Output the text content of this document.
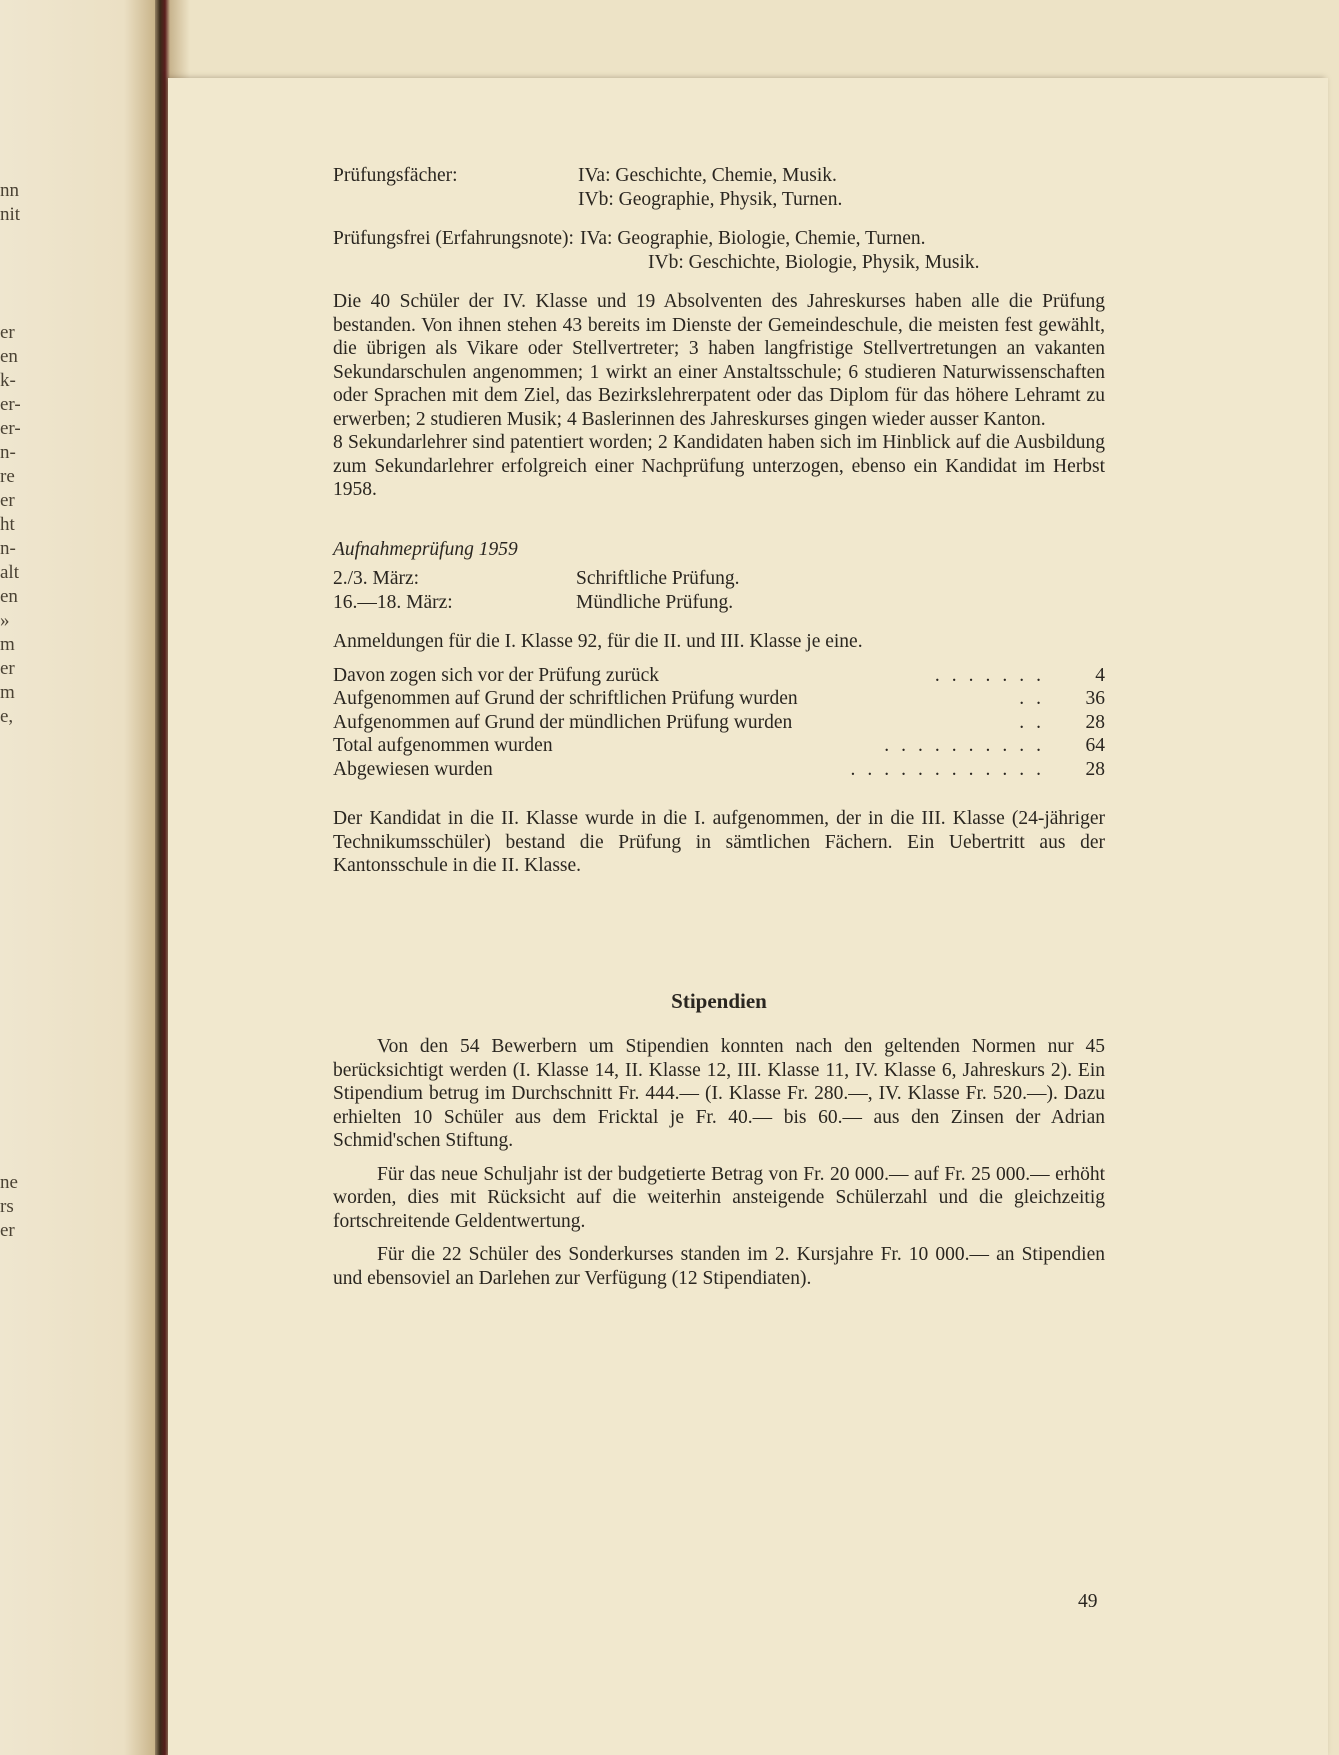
nn
nit
er
en
k-
er-
er-
n-
re
er
ht
n-
alt
en
»
m
er
m
e,
ne
rs
er
Prüfungsfächer:	IVa: Geschichte, Chemie, Musik.
IVb: Geographie, Physik, Turnen.
Prüfungsfrei (Erfahrungsnote): IVa: Geographie, Biologie, Chemie, Turnen.
IVb: Geschichte, Biologie, Physik, Musik.

Die 40 Schüler der IV. Klasse und 19 Absolventen des Jahreskurses haben alle die Prüfung bestanden. Von ihnen stehen 43 bereits im Dienste der Gemeindeschule, die meisten fest gewählt, die übrigen als Vikare oder Stellvertreter; 3 haben langfristige Stellvertretungen an vakanten Sekundarschulen angenommen; 1 wirkt an einer Anstaltsschule; 6 studieren Naturwissenschaften oder Sprachen mit dem Ziel, das Bezirkslehrerpatent oder das Diplom für das höhere Lehramt zu erwerben; 2 studieren Musik; 4 Baslerinnen des Jahreskurses gingen wieder ausser Kanton.

8 Sekundarlehrer sind patentiert worden; 2 Kandidaten haben sich im Hinblick auf die Ausbildung zum Sekundarlehrer erfolgreich einer Nachprüfung unterzogen, ebenso ein Kandidat im Herbst 1958.

Aufnahmeprüfung 1959

2./3. März:	Schriftliche Prüfung.
16.—18. März:	Mündliche Prüfung.

Anmeldungen für die I. Klasse 92, für die II. und III. Klasse je eine.

Davon zogen sich vor der Prüfung zurück	.......	4
Aufgenommen auf Grund der schriftlichen Prüfung wurden	..	36
Aufgenommen auf Grund der mündlichen Prüfung wurden	..	28
Total aufgenommen wurden	..........	64
Abgewiesen wurden	............	28

Der Kandidat in die II. Klasse wurde in die I. aufgenommen, der in die III. Klasse (24-jähriger Technikumsschüler) bestand die Prüfung in sämtlichen Fächern. Ein Uebertritt aus der Kantonsschule in die II. Klasse.

Stipendien

Von den 54 Bewerbern um Stipendien konnten nach den geltenden Normen nur 45 berücksichtigt werden (I. Klasse 14, II. Klasse 12, III. Klasse 11, IV. Klasse 6, Jahreskurs 2). Ein Stipendium betrug im Durchschnitt Fr. 444.— (I. Klasse Fr. 280.—, IV. Klasse Fr. 520.—). Dazu erhielten 10 Schüler aus dem Fricktal je Fr. 40.— bis 60.— aus den Zinsen der Adrian Schmid'schen Stiftung.

Für das neue Schuljahr ist der budgetierte Betrag von Fr. 20 000.— auf Fr. 25 000.— erhöht worden, dies mit Rücksicht auf die weiterhin ansteigende Schülerzahl und die gleichzeitig fortschreitende Geldentwertung.

Für die 22 Schüler des Sonderkurses standen im 2. Kursjahre Fr. 10 000.— an Stipendien und ebensoviel an Darlehen zur Verfügung (12 Stipendiaten).

49
